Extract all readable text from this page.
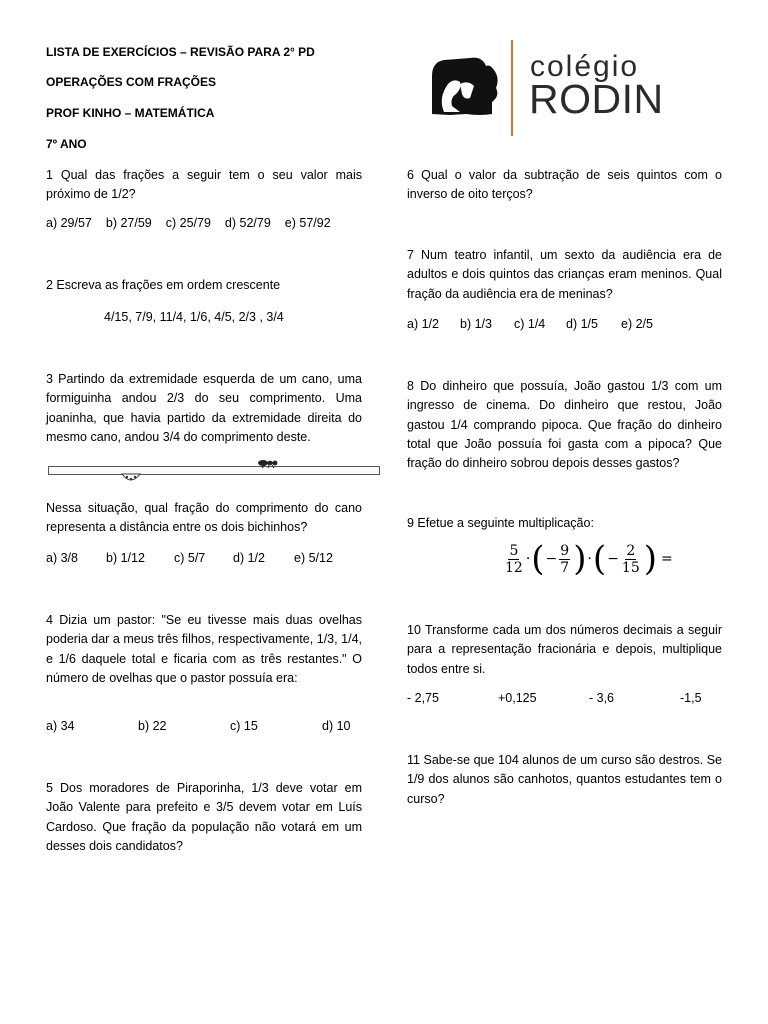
LISTA DE EXERCÍCIOS – REVISÃO PARA 2° PD

OPERAÇÕES COM FRAÇÕES

PROF KINHO – MATEMÁTICA

7º ANO

colégio
RODIN

1 Qual das frações a seguir tem o seu valor mais próximo de 1/2?

a) 29/57 b) 27/59 c) 25/79 d) 52/79 e) 57/92

2 Escreva as frações em ordem crescente

4/15, 7/9, 11/4, 1/6, 4/5, 2/3 , 3/4

3 Partindo da extremidade esquerda de um cano, uma formiguinha andou 2/3 do seu comprimento. Uma joaninha, que havia partido da extremidade direita do mesmo cano, andou 3/4 do comprimento deste.

Nessa situação, qual fração do comprimento do cano representa a distância entre os dois bichinhos?

a) 3/8	b) 1/12	c) 5/7	d) 1/2	e) 5/12

4 Dizia um pastor: "Se eu tivesse mais duas ovelhas poderia dar a meus três filhos, respectivamente, 1/3, 1/4, e 1/6 daquele total e ficaria com as três restantes." O número de ovelhas que o pastor possuía era:

a) 34	b) 22	c) 15	d) 10

5 Dos moradores de Piraporinha, 1/3 deve votar em João Valente para prefeito e 3/5 devem votar em Luís Cardoso. Que fração da população não votará em um desses dois candidatos?

6 Qual o valor da subtração de seis quintos com o inverso de oito terços?

7 Num teatro infantil, um sexto da audiência era de adultos e dois quintos das crianças eram meninos. Qual fração da audiência era de meninas?

a) 1/2	b) 1/3	c) 1/4	d) 1/5	e) 2/5

8 Do dinheiro que possuía, João gastou 1/3 com um ingresso de cinema. Do dinheiro que restou, João gastou 1/4 comprando pipoca. Que fração do dinheiro total que João possuía foi gasta com a pipoca? Que fração do dinheiro sobrou depois desses gastos?

9 Efetue a seguinte multiplicação:

$\frac{5}{12}$ · ( − $\frac{9}{7}$ ) · ( − $\frac{2}{15}$ ) =

10 Transforme cada um dos números decimais a seguir para a representação fracionária e depois, multiplique todos entre si.

- 2,75	+0,125	- 3,6	-1,5

11 Sabe-se que 104 alunos de um curso são destros. Se 1/9 dos alunos são canhotos, quantos estudantes tem o curso?
